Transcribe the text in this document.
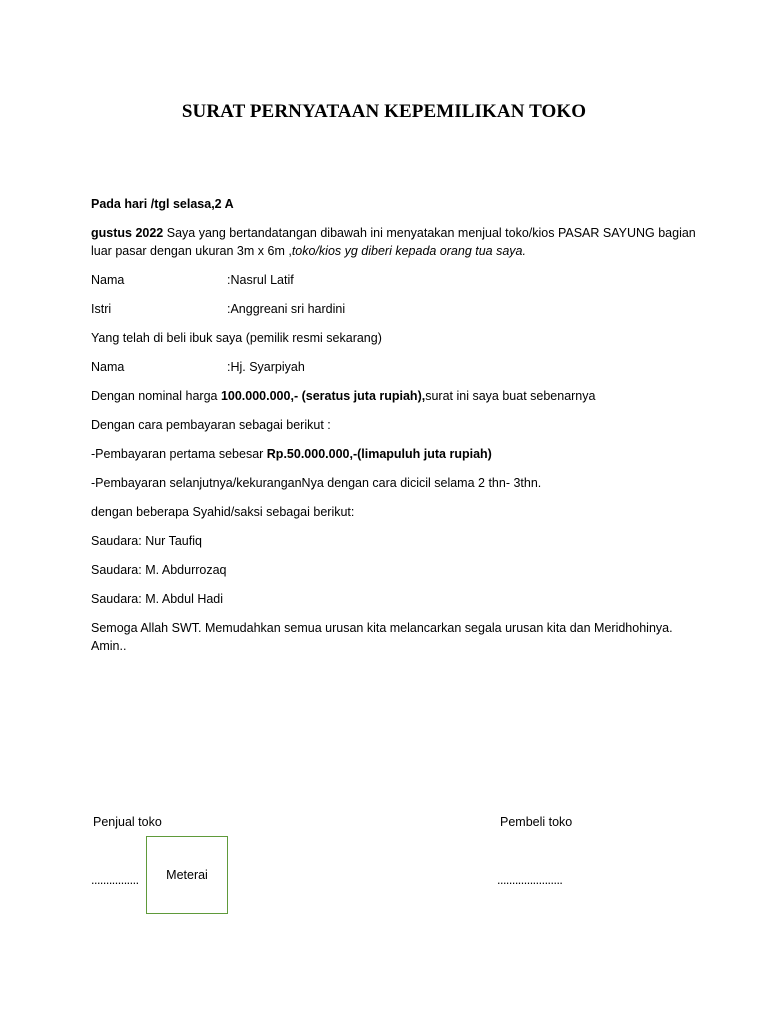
SURAT PERNYATAAN KEPEMILIKAN TOKO

Pada hari /tgl selasa,2 A

gustus 2022 Saya yang bertandatangan dibawah ini menyatakan menjual toko/kios PASAR SAYUNG bagian luar pasar dengan ukuran 3m x 6m ,toko/kios yg diberi kepada orang tua saya.

Nama	:Nasrul Latif
Istri	:Anggreani sri hardini

Yang telah di beli ibuk saya (pemilik resmi sekarang)

Nama	:Hj. Syarpiyah

Dengan nominal harga 100.000.000,- (seratus juta rupiah),surat ini saya buat sebenarnya

Dengan cara pembayaran sebagai berikut :

-Pembayaran pertama sebesar Rp.50.000.000,-(limapuluh juta rupiah)

-Pembayaran selanjutnya/kekuranganNya dengan cara dicicil selama 2 thn- 3thn.

dengan beberapa Syahid/saksi sebagai berikut:

Saudara: Nur Taufiq

Saudara: M. Abdurrozaq

Saudara: M. Abdul Hadi

Semoga Allah SWT. Memudahkan semua urusan kita melancarkan segala urusan kita dan Meridhohinya. Amin..

Penjual toko	Pembeli toko
................	......................
Meterai
